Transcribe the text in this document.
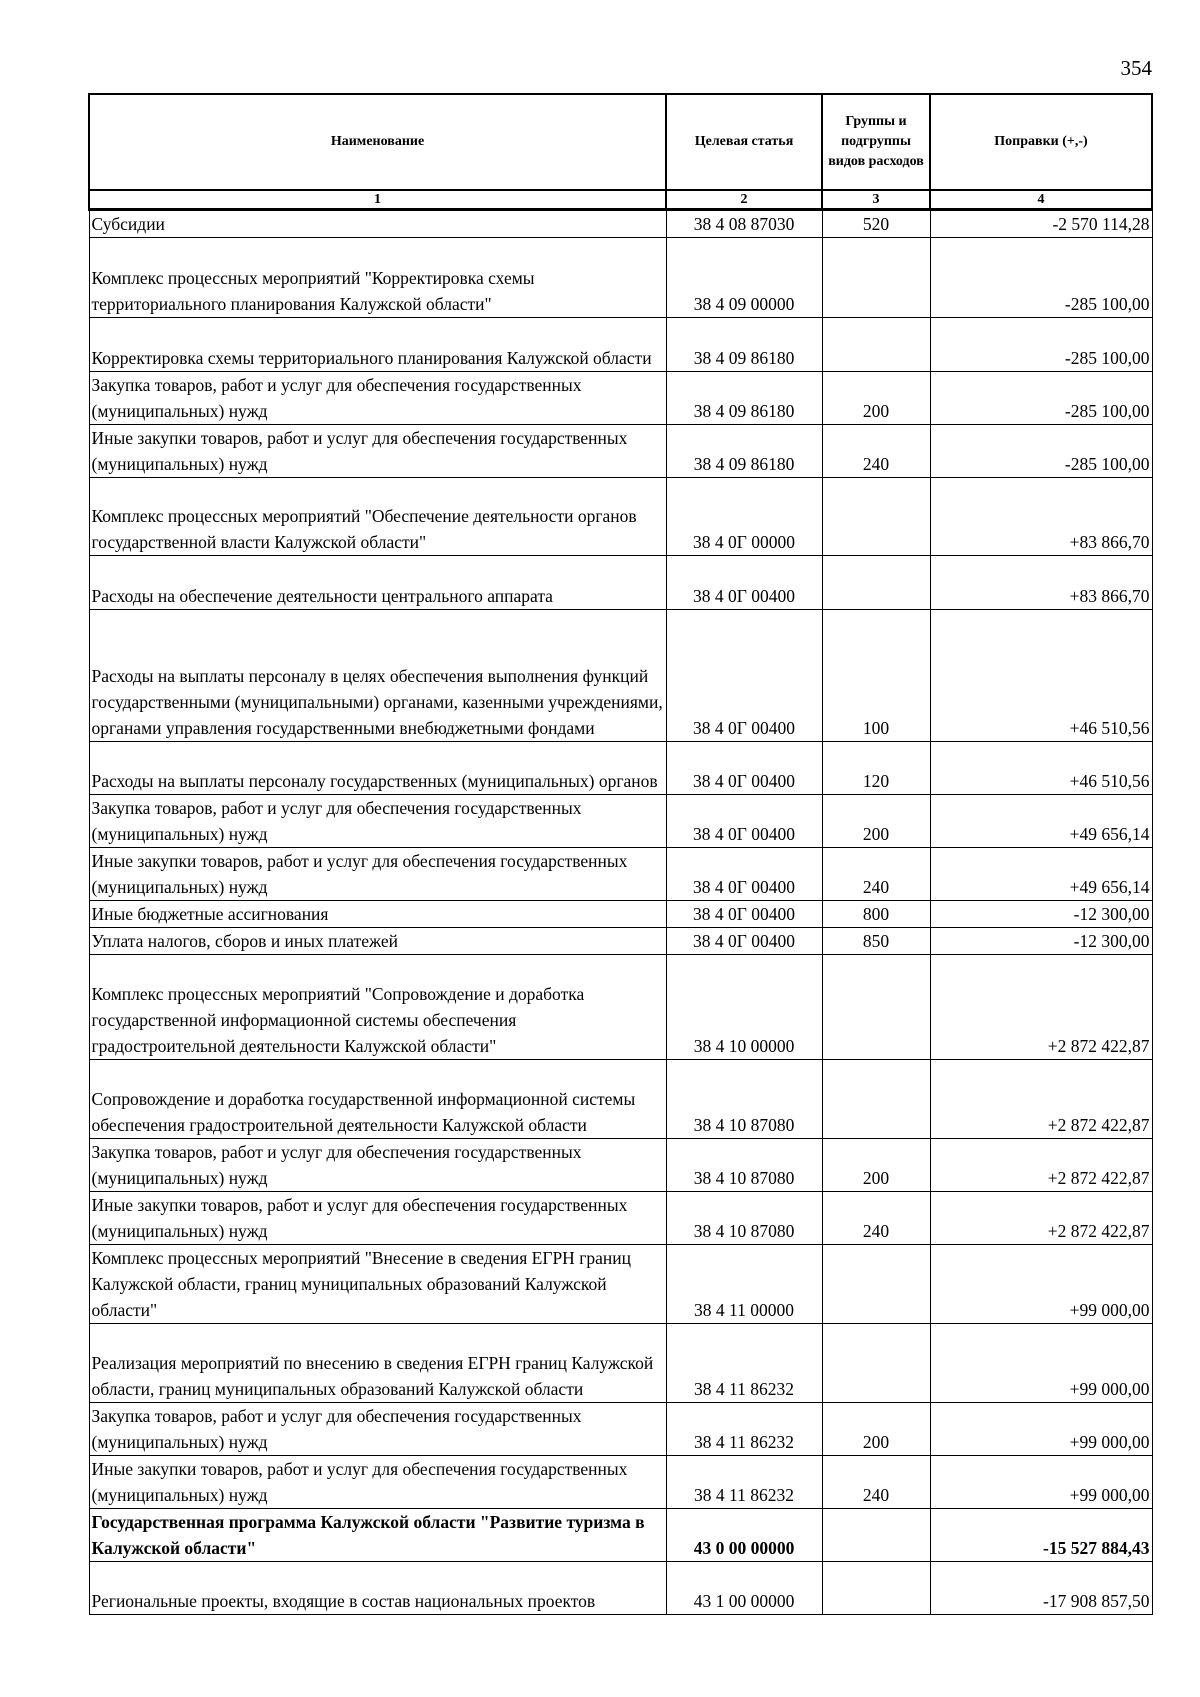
354
Наименование	Целевая статья	Группы и подгруппы видов расходов	Поправки (+,-)
1	2	3	4
Субсидии	38 4 08 87030	520	-2 570 114,28
Комплекс процессных мероприятий "Корректировка схемы территориального планирования Калужской области"	38 4 09 00000		-285 100,00
Корректировка схемы территориального планирования Калужской области	38 4 09 86180		-285 100,00
Закупка товаров, работ и услуг для обеспечения государственных (муниципальных) нужд	38 4 09 86180	200	-285 100,00
Иные закупки товаров, работ и услуг для обеспечения государственных (муниципальных) нужд	38 4 09 86180	240	-285 100,00
Комплекс процессных мероприятий "Обеспечение деятельности органов государственной власти Калужской области"	38 4 0Г 00000		+83 866,70
Расходы на обеспечение деятельности центрального аппарата	38 4 0Г 00400		+83 866,70
Расходы на выплаты персоналу в целях обеспечения выполнения функций государственными (муниципальными) органами, казенными учреждениями, органами управления государственными внебюджетными фондами	38 4 0Г 00400	100	+46 510,56
Расходы на выплаты персоналу государственных (муниципальных) органов	38 4 0Г 00400	120	+46 510,56
Закупка товаров, работ и услуг для обеспечения государственных (муниципальных) нужд	38 4 0Г 00400	200	+49 656,14
Иные закупки товаров, работ и услуг для обеспечения государственных (муниципальных) нужд	38 4 0Г 00400	240	+49 656,14
Иные бюджетные ассигнования	38 4 0Г 00400	800	-12 300,00
Уплата налогов, сборов и иных платежей	38 4 0Г 00400	850	-12 300,00
Комплекс процессных мероприятий "Сопровождение и доработка государственной информационной системы обеспечения градостроительной деятельности Калужской области"	38 4 10 00000		+2 872 422,87
Сопровождение и доработка государственной информационной системы обеспечения градостроительной деятельности Калужской области	38 4 10 87080		+2 872 422,87
Закупка товаров, работ и услуг для обеспечения государственных (муниципальных) нужд	38 4 10 87080	200	+2 872 422,87
Иные закупки товаров, работ и услуг для обеспечения государственных (муниципальных) нужд	38 4 10 87080	240	+2 872 422,87
Комплекс процессных мероприятий "Внесение в сведения ЕГРН границ Калужской области, границ муниципальных образований Калужской области"	38 4 11 00000		+99 000,00
Реализация мероприятий по внесению в сведения ЕГРН границ Калужской области, границ муниципальных образований Калужской области	38 4 11 86232		+99 000,00
Закупка товаров, работ и услуг для обеспечения государственных (муниципальных) нужд	38 4 11 86232	200	+99 000,00
Иные закупки товаров, работ и услуг для обеспечения государственных (муниципальных) нужд	38 4 11 86232	240	+99 000,00
Государственная программа Калужской области "Развитие туризма в Калужской области"	43 0 00 00000		-15 527 884,43
Региональные проекты, входящие в состав национальных проектов	43 1 00 00000		-17 908 857,50
